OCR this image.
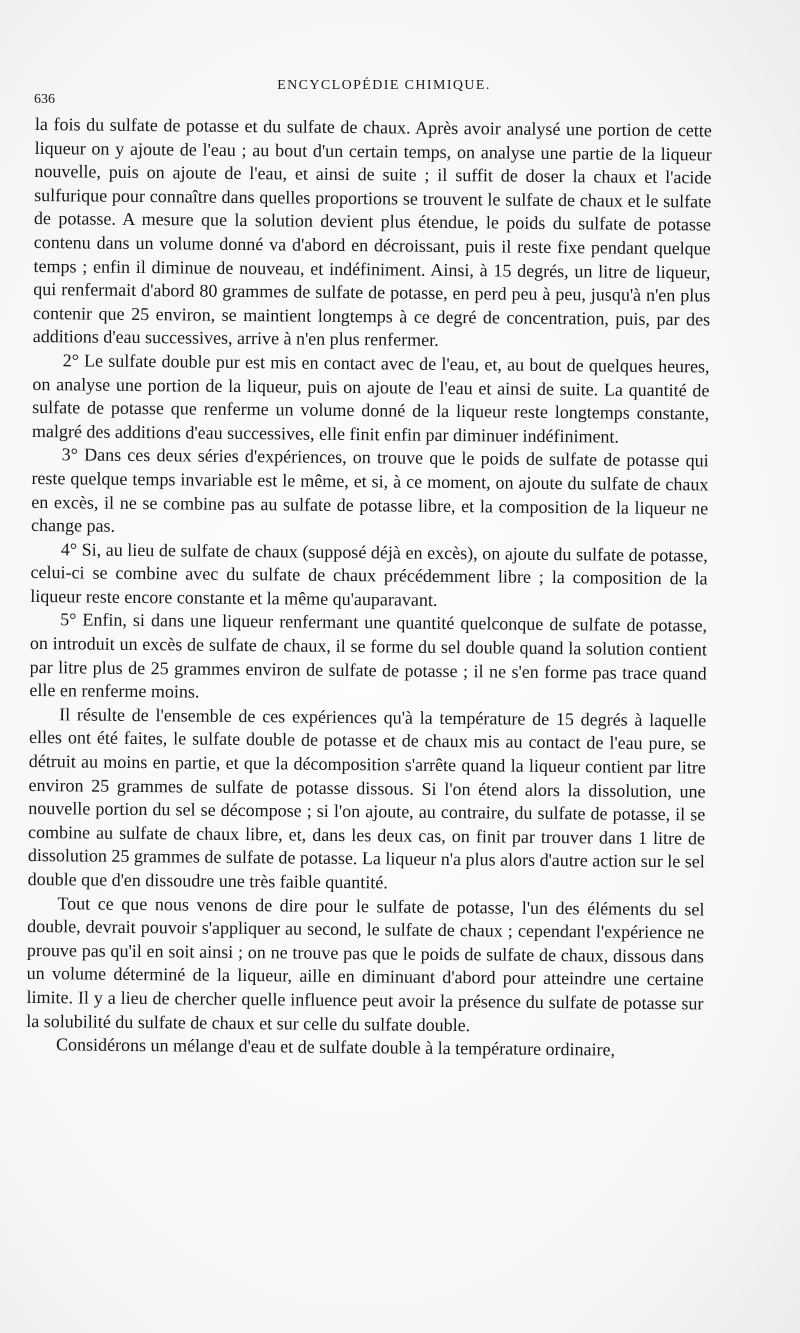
636
ENCYCLOPÉDIE CHIMIQUE.

la fois du sulfate de potasse et du sulfate de chaux. Après avoir analysé une portion de cette liqueur on y ajoute de l'eau ; au bout d'un certain temps, on analyse une partie de la liqueur nouvelle, puis on ajoute de l'eau, et ainsi de suite ; il suffit de doser la chaux et l'acide sulfurique pour connaître dans quelles proportions se trouvent le sulfate de chaux et le sulfate de potasse. A mesure que la solution devient plus étendue, le poids du sulfate de potasse contenu dans un volume donné va d'abord en décroissant, puis il reste fixe pendant quelque temps ; enfin il diminue de nouveau, et indéfiniment. Ainsi, à 15 degrés, un litre de liqueur, qui renfermait d'abord 80 grammes de sulfate de potasse, en perd peu à peu, jusqu'à n'en plus contenir que 25 environ, se maintient longtemps à ce degré de concentration, puis, par des additions d'eau successives, arrive à n'en plus renfermer.

2° Le sulfate double pur est mis en contact avec de l'eau, et, au bout de quelques heures, on analyse une portion de la liqueur, puis on ajoute de l'eau et ainsi de suite. La quantité de sulfate de potasse que renferme un volume donné de la liqueur reste longtemps constante, malgré des additions d'eau successives, elle finit enfin par diminuer indéfiniment.

3° Dans ces deux séries d'expériences, on trouve que le poids de sulfate de potasse qui reste quelque temps invariable est le même, et si, à ce moment, on ajoute du sulfate de chaux en excès, il ne se combine pas au sulfate de potasse libre, et la composition de la liqueur ne change pas.

4° Si, au lieu de sulfate de chaux (supposé déjà en excès), on ajoute du sulfate de potasse, celui-ci se combine avec du sulfate de chaux précédemment libre ; la composition de la liqueur reste encore constante et la même qu'auparavant.

5° Enfin, si dans une liqueur renfermant une quantité quelconque de sulfate de potasse, on introduit un excès de sulfate de chaux, il se forme du sel double quand la solution contient par litre plus de 25 grammes environ de sulfate de potasse ; il ne s'en forme pas trace quand elle en renferme moins.

Il résulte de l'ensemble de ces expériences qu'à la température de 15 degrés à laquelle elles ont été faites, le sulfate double de potasse et de chaux mis au contact de l'eau pure, se détruit au moins en partie, et que la décomposition s'arrête quand la liqueur contient par litre environ 25 grammes de sulfate de potasse dissous. Si l'on étend alors la dissolution, une nouvelle portion du sel se décompose ; si l'on ajoute, au contraire, du sulfate de potasse, il se combine au sulfate de chaux libre, et, dans les deux cas, on finit par trouver dans 1 litre de dissolution 25 grammes de sulfate de potasse. La liqueur n'a plus alors d'autre action sur le sel double que d'en dissoudre une très faible quantité.

Tout ce que nous venons de dire pour le sulfate de potasse, l'un des éléments du sel double, devrait pouvoir s'appliquer au second, le sulfate de chaux ; cependant l'expérience ne prouve pas qu'il en soit ainsi ; on ne trouve pas que le poids de sulfate de chaux, dissous dans un volume déterminé de la liqueur, aille en diminuant d'abord pour atteindre une certaine limite. Il y a lieu de chercher quelle influence peut avoir la présence du sulfate de potasse sur la solubilité du sulfate de chaux et sur celle du sulfate double.

Considérons un mélange d'eau et de sulfate double à la température ordinaire,
